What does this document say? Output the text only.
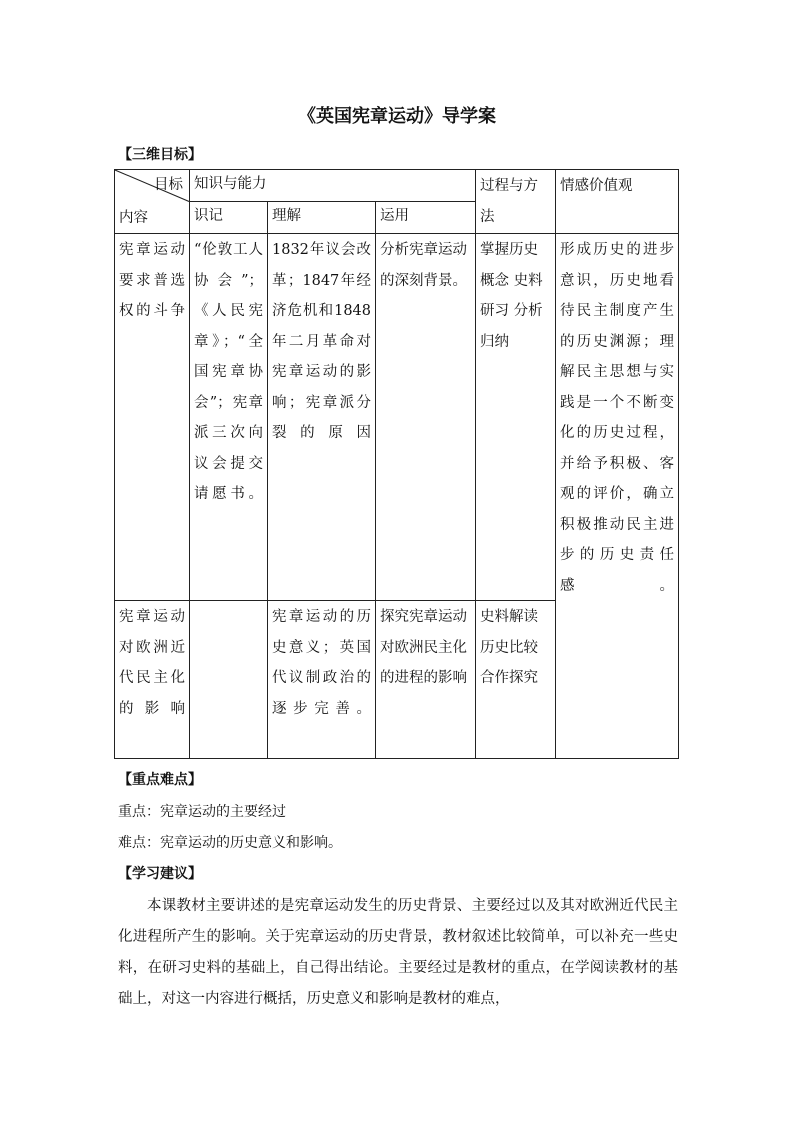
《英国宪章运动》导学案
【三维目标】
目标
内容	知识与能力			过程与方法	情感价值观
	识记	理解	运用		
宪章运动要求普选权的斗争	“伦敦工人协会”；《人民宪章》；“全国宪章协会”；宪章派三次向议会提交请愿书。	1832年议会改革；1847年经济危机和1848年二月革命对宪章运动的影响；宪章派分裂的原因	分析宪章运动的深刻背景。	掌握历史概念 史料研习 分析归纳	形成历史的进步意识，历史地看待民主制度产生的历史渊源；理解民主思想与实践是一个不断变化的历史过程，并给予积极、客观的评价，确立积极推动民主进步的历史责任感。
宪章运动对欧洲近代民主化的影响		宪章运动的历史意义；英国代议制政治的逐步完善。	探究宪章运动对欧洲民主化的进程的影响	史料解读 历史比较 合作探究	
【重点难点】
重点：宪章运动的主要经过
难点：宪章运动的历史意义和影响。
【学习建议】
本课教材主要讲述的是宪章运动发生的历史背景、主要经过以及其对欧洲近代民主化进程所产生的影响。关于宪章运动的历史背景，教材叙述比较简单，可以补充一些史料，在研习史料的基础上，自己得出结论。主要经过是教材的重点，在学阅读教材的基础上，对这一内容进行概括，历史意义和影响是教材的难点，
